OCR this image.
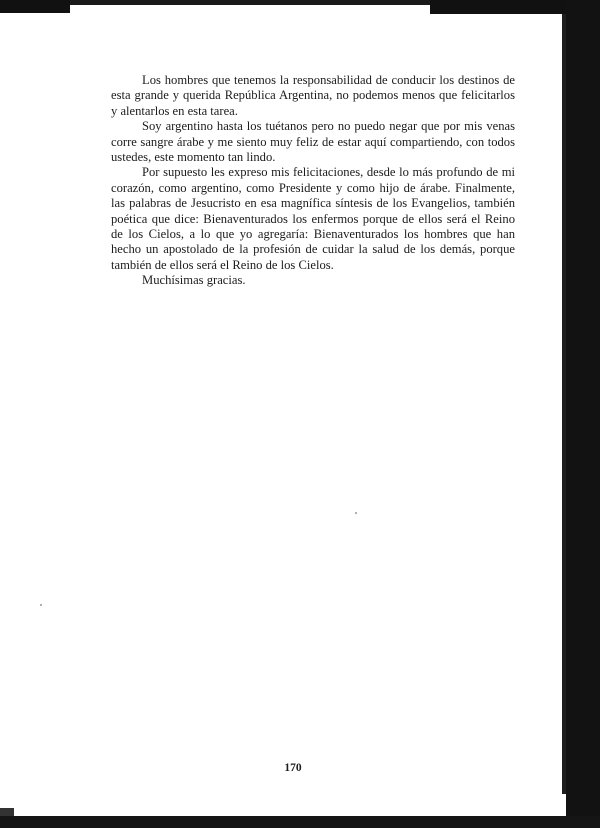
Los hombres que tenemos la responsabilidad de conducir los destinos de esta grande y querida República Argentina, no podemos menos que felicitarlos y alentarlos en esta tarea.

Soy argentino hasta los tuétanos pero no puedo negar que por mis venas corre sangre árabe y me siento muy feliz de estar aquí compartiendo, con todos ustedes, este momento tan lindo.

Por supuesto les expreso mis felicitaciones, desde lo más profundo de mi corazón, como argentino, como Presidente y como hijo de árabe. Finalmente, las palabras de Jesucristo en esa magnífica síntesis de los Evangelios, también poética que dice: Bienaventurados los enfermos porque de ellos será el Reino de los Cielos, a lo que yo agregaría: Bienaventurados los hombres que han hecho un apostolado de la profesión de cuidar la salud de los demás, porque también de ellos será el Reino de los Cielos.

Muchísimas gracias.

170
